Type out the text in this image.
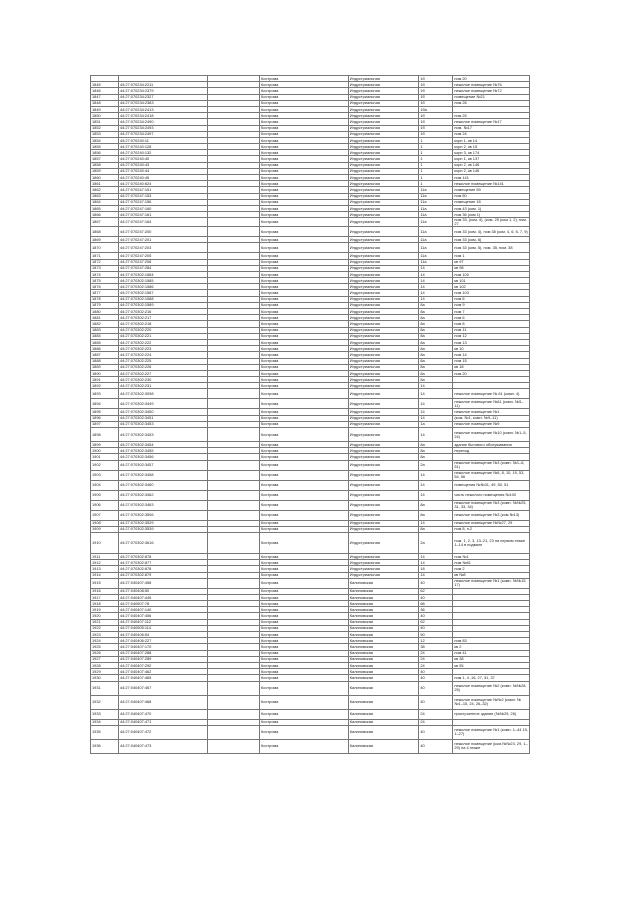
			Кострома	Индустриальная	1б	пом 20
1845	44:27:070234:2211		Кострома	Индустриальная	1б	нежилое помещение №76
1846	44:27:070234:2379		Кострома	Индустриальная	1б	нежилое помещение №72
1847	44:27:070234:2327		Кострома	Индустриальная	1б	помещение №21
1848	44:27:070234:2383		Кострома	Индустриальная	1б	пом 26
1849	44:27:070234:2413		Кострома	Индустриальная	1ба	
1850	44:27:070234:2418		Кострома	Индустриальная	1б	пом 25
1851	44:27:070234:2490		Кострома	Индустриальная	1б	нежилое помещение №17
1852	44:27:070234:2493		Кострома	Индустриальная	1б	пом. №17
1853	44:27:070234:2497		Кострома	Индустриальная	1б	пом 24
1854	44:27:070240:11		Кострома	Индустриальная	1	корп 1, кв 14
1855	44:27:070240:128		Кострома	Индустриальная	1	корп 2, кв 15
1856	44:27:070240:132		Кострома	Индустриальная	1	корп 3, кв 174
1857	44:27:070240:40		Кострома	Индустриальная	1	корп 1, кв 137
1858	44:27:070240:43		Кострома	Индустриальная	1	корп 2, кв 146
1859	44:27:070240:44		Кострома	Индустриальная	1	корп 2, кв 146
1860	44:27:070240:45		Кострома	Индустриальная	1	пом 141
1861	44:27:070240:624		Кострома	Индустриальная	1	нежилое помещение №141
1862	44:27:070247:151		Кострома	Индустриальная	11а	помещение 59
1863	44:27:070247:153		Кострома	Индустриальная	11а	пом 60
1864	44:27:070247:156		Кострома	Индустриальная	11а	помещение 18
1865	44:27:070247:160		Кострома	Индустриальная	11а	пом 43 (ком. 1)
1866	44:27:070247:161		Кострома	Индустриальная	11а	пом 36 (ком 1)
1867	44:27:070247:164		Кострома	Индустриальная	11а	пом 33, (ком. 4), (ком. 25 (ком 1, 2), пом. 27
1868	44:27:070247:200		Кострома	Индустриальная	11а	пом 33 (ком. 4), пом 38 (ком. 4, 6, 6, 7, 9)
1869	44:27:070247:201		Кострома	Индустриальная	11а	пом 33 (ком. 6)
1870	44:27:070247:203		Кострома	Индустриальная	11а	пом 33 (ком. 5), пом. 35, пом. 38
1871	44:27:070247:205		Кострома	Индустриальная	11а	пом 1
1872	44:27:070247:208		Кострома	Индустриальная	11а	кв 97
1873	44:27:070247:284		Кострома	Индустриальная	14	кв 98
1874	44:27:070302:1584		Кострома	Индустриальная	14	пом 100
1875	44:27:070302:1585		Кострома	Индустриальная	14	кв 101
1876	44:27:070302:1586		Кострома	Индустриальная	14	кв 102
1877	44:27:070302:1587		Кострома	Индустриальная	14	пом 103
1878	44:27:070302:1588		Кострома	Индустриальная	14	пом 6
1879	44:27:070302:1589		Кострома	Индустриальная	8а	пом 9
1880	44:27:070302:216		Кострома	Индустриальная	8а	пом 7
1881	44:27:070302:217		Кострома	Индустриальная	8а	пом 6
1882	44:27:070302:218		Кострома	Индустриальная	8а	пом 8
1883	44:27:070302:220		Кострома	Индустриальная	8а	пом 11
1884	44:27:070302:221		Кострома	Индустриальная	8а	пом 12
1885	44:27:070302:222		Кострома	Индустриальная	8а	пом 13
1886	44:27:070302:223		Кострома	Индустриальная	8а	кв 10
1887	44:27:070302:224		Кострома	Индустриальная	8а	пом 14
1888	44:27:070302:225		Кострома	Индустриальная	8а	пом 15
1889	44:27:070302:226		Кострома	Индустриальная	8а	кв 18
1890	44:27:070302:227		Кострома	Индустриальная	8а	пом 20
1891	44:27:070302:230		Кострома	Индустриальная	8а	
1892	44:27:070302:231		Кострома	Индустриальная	14	
1893	44:27:070302:3098		Кострома	Индустриальная	14	нежилое помещение № 61 (комн. 4)
1894	44:27:070302:3449		Кострома	Индустриальная	14	нежилое помещение №61 (комн. №5–11)
1895	44:27:070302:3450		Кострома	Индустриальная	14	нежилое помещение №1
1896	44:27:070302:3451		Кострома	Индустриальная	14	(ком. №1, комн. №9–11)
1897	44:27:070302:3453		Кострома	Индустриальная	1а	нежилое помещение №9
1898	44:27:070302:3453		Кострома	Индустриальная	14	нежилое помещение №10 (комн. №1–5, 24)
1899	44:27:070302:3454		Кострома	Индустриальная	8а	здание бытового обслуживания
1900	44:27:070302:3455		Кострома	Индустриальная	8а	переход
1901	44:27:070302:3456		Кострома	Индустриальная	8а	
1902	44:27:070302:3457		Кострома	Индустриальная	2а	нежилое помещение №3 (комн. №1–6, 51)
1903	44:27:070302:3458		Кострома	Индустриальная	14	нежилое помещение №6, 8, 10, 19, 53, 54, 56
1904	44:27:070302:3460		Кострома	Индустриальная	14	помещения №№31, 49, 50, 51
1905	44:27:070302:3462		Кострома	Индустриальная	14	часть нежилого помещения №100
1906	44:27:070302:3463		Кострома	Индустриальная	8а	нежилое помещение №3 (комн. №№25, 31, 33, 34)
1907	44:27:070302:3506		Кострома	Индустриальная	8а	нежилое помещение №3 (ком.№13)
1908	44:27:070302:3529		Кострома	Индустриальная	14	нежилое помещение №№27, 29
1909	44:27:070302:3539		Кострома	Индустриальная	8а	пом 8, п.2
1910	44:27:070302:3616		Кострома	Индустриальная	2а	пом. 1, 2, 3, 13–21, 23 на первом этаже 1–14 в подвале
1911	44:27:070302:878		Кострома	Индустриальная	14	пом №1
1912	44:27:070302:877		Кострома	Индустриальная	14	пом №81
1913	44:27:070302:878		Кострома	Индустриальная	18	пом 2
1914	44:27:070302:879		Кострома	Индустриальная	14	кв №8
1915	44:27:040407:458		Кострома	Калиновская	40	нежилое помещение №1 (комн. №№15, 17)
1916	44:27:040408:50		Кострома	Калиновская	62	
1917	44:27:040407:445		Кострома	Калиновская	40	
1918	44:27:040507:78		Кострома	Калиновская	68	
1919	44:27:040407:140		Кострома	Калиновская	36	
1920	44:27:040407:456		Кострома	Калиновская	40	
1921	44:27:040407:112		Кострома	Калиновская	62	
1922	44:27:040505:114		Кострома	Калиновская	40	
1923	44:27:040406:54		Кострома	Калиновская	50	
1924	44:27:040406:227		Кострома	Калиновская	12	пом 83
1925	44:27:040407:170		Кострома	Калиновская	38	кв 2
1926	44:27:040407:288		Кострома	Калиновская	24	пом 41
1927	44:27:040407:289		Кострома	Калиновская	24	кв 38
1928	44:27:040407:292		Кострома	Калиновская	24	кв 55
1929	44:27:040407:462		Кострома	Калиновская	40	
1930	44:27:040407:465		Кострома	Калиновская	40	пом 1, 4 ,16, 27, 31, 37
1931	44:27:040407:467		Кострома	Калиновская	40	нежилое помещение №2 (комн. №№28, 25)
1932	44:27:040407:468		Кострома	Калиновская	40	нежилое помещение №№2 (комн. №№1–15, 24, 26–32)
1933	44:27:040407:470		Кострома	Калиновская	24	пристроенное здание (№№25, 26)
1934	44:27:040407:471		Кострома	Калиновская	24	
1935	44:27:040407:472		Кострома	Калиновская	40	нежилое помещение №1 (комн. 1–44 15, 1–27)
1936	44:27:040407:473		Кострома	Калиновская	40	нежилое помещение (ком.№№23, 29, 1–29) на 4 этаже
